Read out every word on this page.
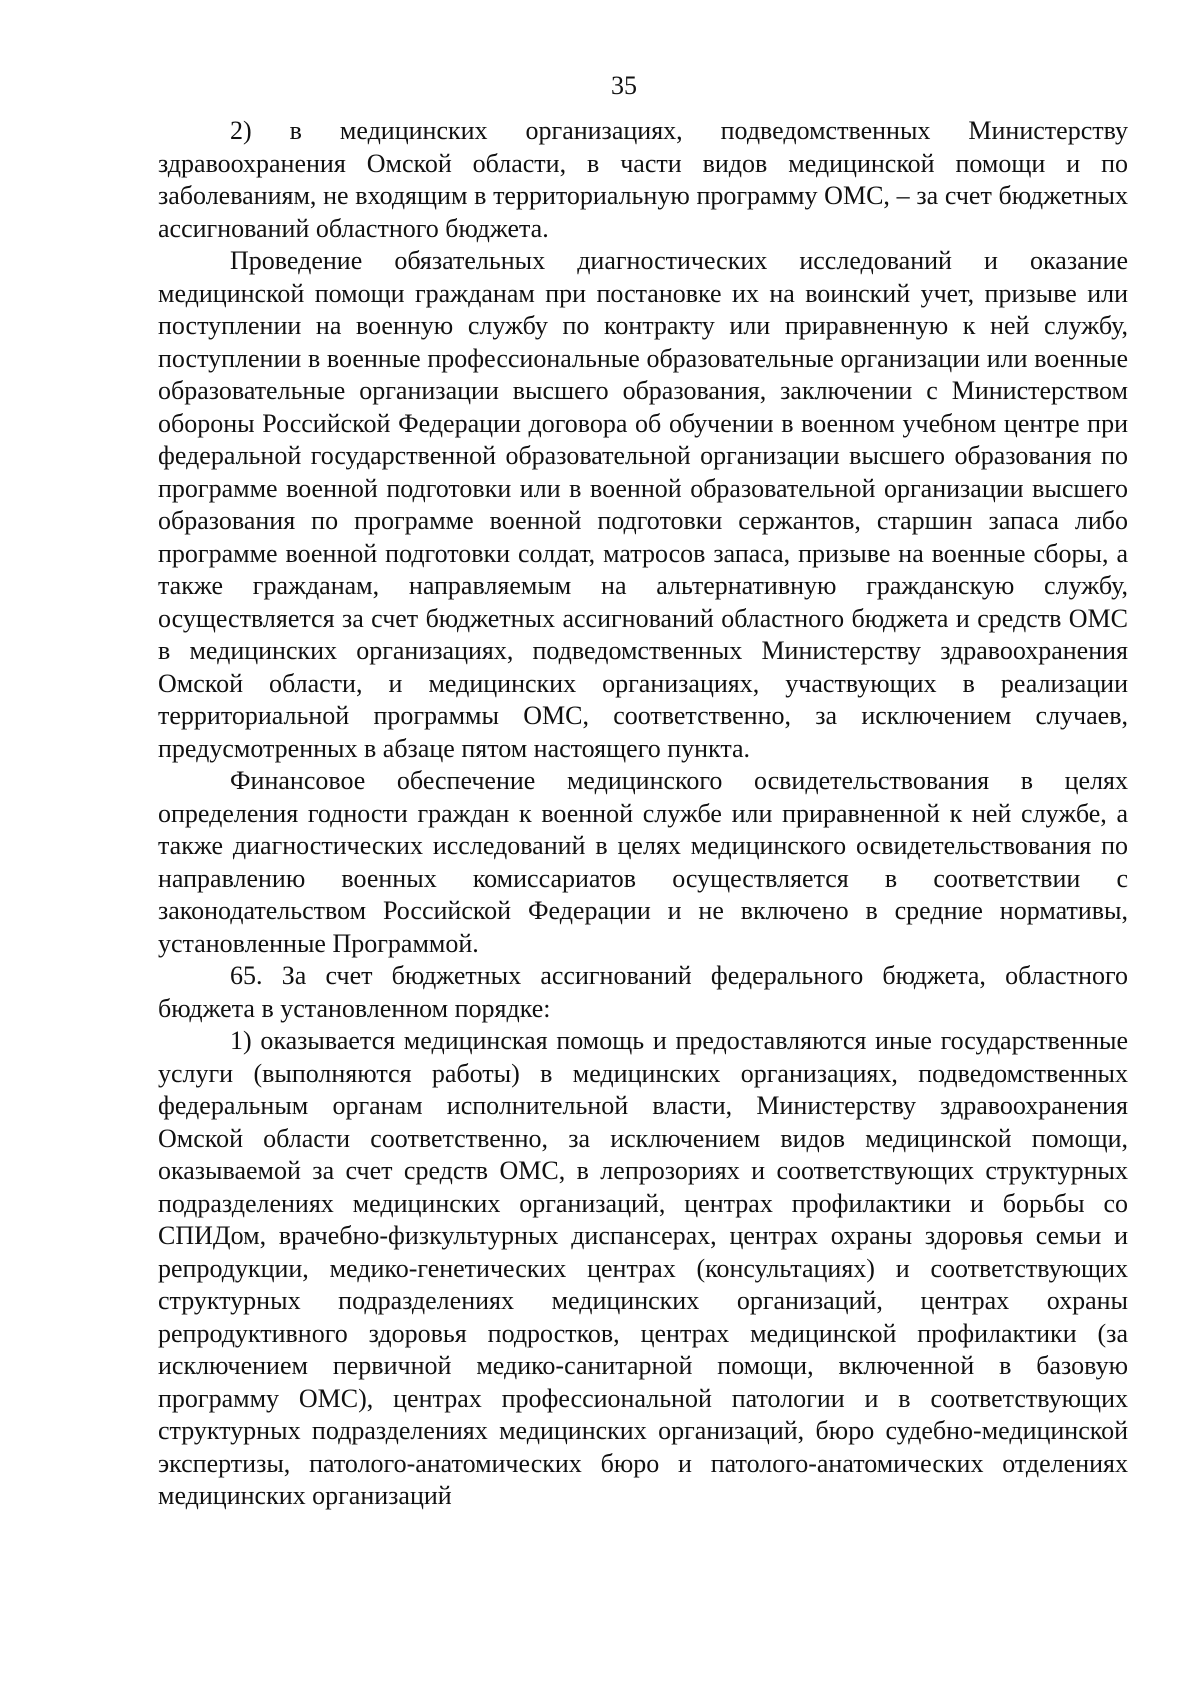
35

2) в медицинских организациях, подведомственных Министерству здравоохранения Омской области, в части видов медицинской помощи и по заболеваниям, не входящим в территориальную программу ОМС, – за счет бюджетных ассигнований областного бюджета.

Проведение обязательных диагностических исследований и оказание медицинской помощи гражданам при постановке их на воинский учет, призыве или поступлении на военную службу по контракту или приравненную к ней службу, поступлении в военные профессиональные образовательные организации или военные образовательные организации высшего образования, заключении с Министерством обороны Российской Федерации договора об обучении в военном учебном центре при федеральной государственной образовательной организации высшего образования по программе военной подготовки или в военной образовательной организации высшего образования по программе военной подготовки сержантов, старшин запаса либо программе военной подготовки солдат, матросов запаса, призыве на военные сборы, а также гражданам, направляемым на альтернативную гражданскую службу, осуществляется за счет бюджетных ассигнований областного бюджета и средств ОМС в медицинских организациях, подведомственных Министерству здравоохранения Омской области, и медицинских организациях, участвующих в реализации территориальной программы ОМС, соответственно, за исключением случаев, предусмотренных в абзаце пятом настоящего пункта.

Финансовое обеспечение медицинского освидетельствования в целях определения годности граждан к военной службе или приравненной к ней службе, а также диагностических исследований в целях медицинского освидетельствования по направлению военных комиссариатов осуществляется в соответствии с законодательством Российской Федерации и не включено в средние нормативы, установленные Программой.

65. За счет бюджетных ассигнований федерального бюджета, областного бюджета в установленном порядке:

1) оказывается медицинская помощь и предоставляются иные государственные услуги (выполняются работы) в медицинских организациях, подведомственных федеральным органам исполнительной власти, Министерству здравоохранения Омской области соответственно, за исключением видов медицинской помощи, оказываемой за счет средств ОМС, в лепрозориях и соответствующих структурных подразделениях медицинских организаций, центрах профилактики и борьбы со СПИДом, врачебно-физкультурных диспансерах, центрах охраны здоровья семьи и репродукции, медико-генетических центрах (консультациях) и соответствующих структурных подразделениях медицинских организаций, центрах охраны репродуктивного здоровья подростков, центрах медицинской профилактики (за исключением первичной медико-санитарной помощи, включенной в базовую программу ОМС), центрах профессиональной патологии и в соответствующих структурных подразделениях медицинских организаций, бюро судебно-медицинской экспертизы, патолого-анатомических бюро и патолого-анатомических отделениях медицинских организаций
